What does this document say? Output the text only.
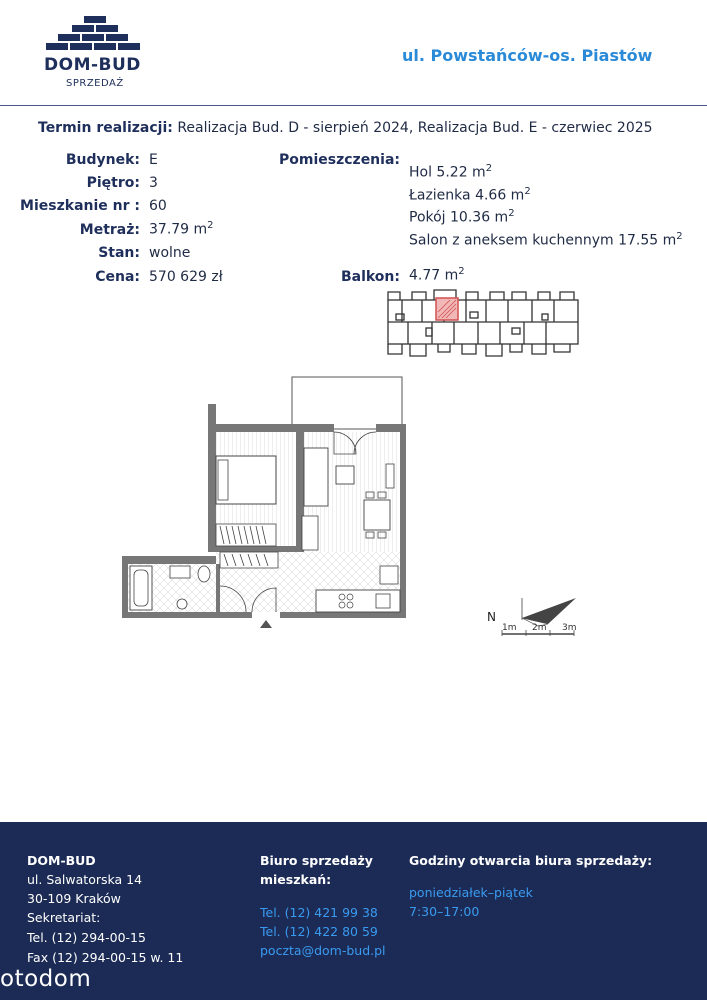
DOM-BUD
SPRZEDAŻ
ul. Powstańców-os. Piastów
Termin realizacji: Realizacja Bud. D - sierpień 2024, Realizacja Bud. E - czerwiec 2025
Budynek: E
Piętro: 3
Mieszkanie nr : 60
Metraż: 37.79 $m^2$
Stan: wolne
Cena: 570 629 zł
Pomieszczenia:
Hol 5.22 $m^2$
Łazienka 4.66 $m^2$
Pokój 10.36 $m^2$
Salon z aneksem kuchennym 17.55 $m^2$
Balkon: 4.77 $m^2$
N
1m 2m 3m
DOM-BUD
ul. Salwatorska 14
30-109 Kraków
Sekretariat:
Tel. (12) 294-00-15
Fax (12) 294-00-15 w. 11
Biuro sprzedaży
mieszkań:
Tel. (12) 421 99 38
Tel. (12) 422 80 59
poczta@dom-bud.pl
Godziny otwarcia biura sprzedaży:
poniedziałek–piątek
7:30–17:00
otodom
